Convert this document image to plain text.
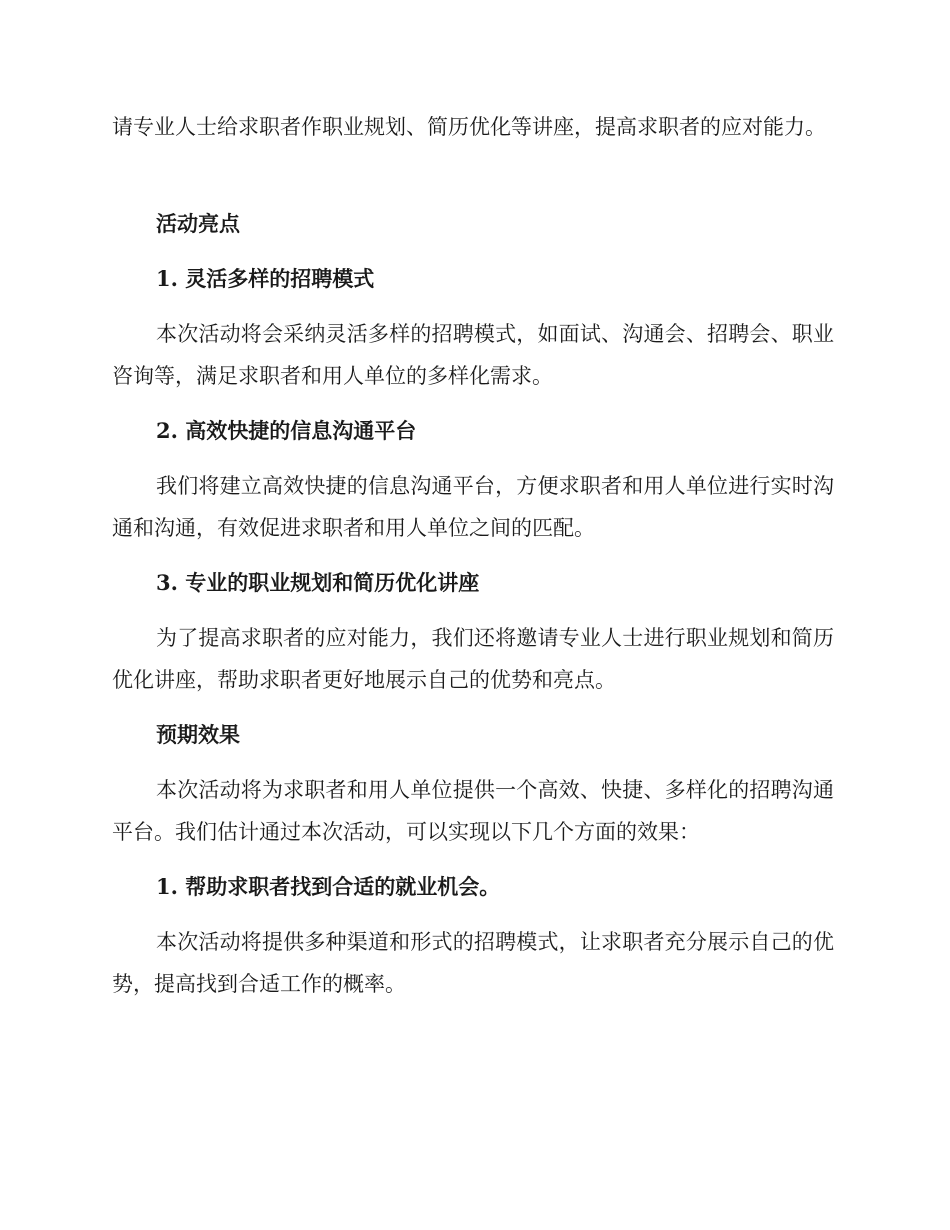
请专业人士给求职者作职业规划、简历优化等讲座，提高求职者的应对能力。

活动亮点

1. 灵活多样的招聘模式

本次活动将会采纳灵活多样的招聘模式，如面试、沟通会、招聘会、职业咨询等，满足求职者和用人单位的多样化需求。

2. 高效快捷的信息沟通平台

我们将建立高效快捷的信息沟通平台，方便求职者和用人单位进行实时沟通和沟通，有效促进求职者和用人单位之间的匹配。

3. 专业的职业规划和简历优化讲座

为了提高求职者的应对能力，我们还将邀请专业人士进行职业规划和简历优化讲座，帮助求职者更好地展示自己的优势和亮点。

预期效果

本次活动将为求职者和用人单位提供一个高效、快捷、多样化的招聘沟通平台。我们估计通过本次活动，可以实现以下几个方面的效果：

1. 帮助求职者找到合适的就业机会。

本次活动将提供多种渠道和形式的招聘模式，让求职者充分展示自己的优势，提高找到合适工作的概率。
